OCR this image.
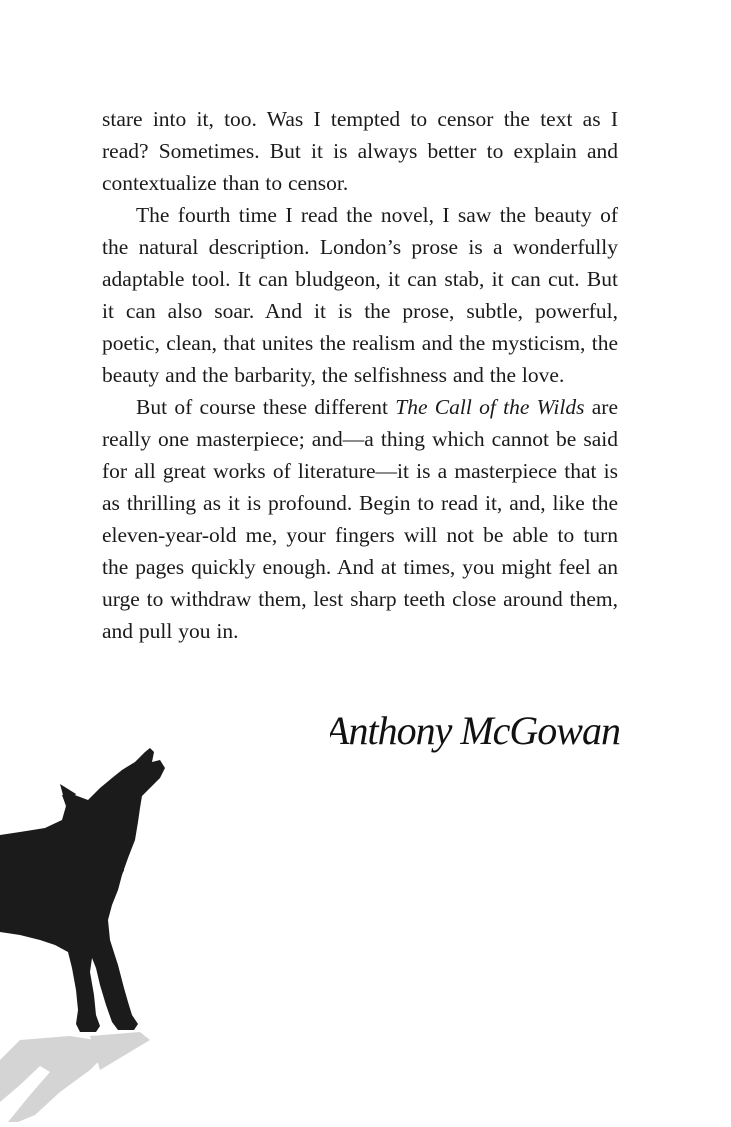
stare into it, too. Was I tempted to censor the text as I read? Sometimes. But it is always better to explain and contextualize than to censor.

The fourth time I read the novel, I saw the beauty of the natural description. London’s prose is a wonderfully adaptable tool. It can bludgeon, it can stab, it can cut. But it can also soar. And it is the prose, subtle, powerful, poetic, clean, that unites the realism and the mysticism, the beauty and the barbarity, the selfishness and the love.

But of course these different The Call of the Wilds are really one masterpiece; and—a thing which cannot be said for all great works of literature—it is a masterpiece that is as thrilling as it is profound. Begin to read it, and, like the eleven-year-old me, your fingers will not be able to turn the pages quickly enough. And at times, you might feel an urge to withdraw them, lest sharp teeth close around them, and pull you in.

Anthony McGowan
